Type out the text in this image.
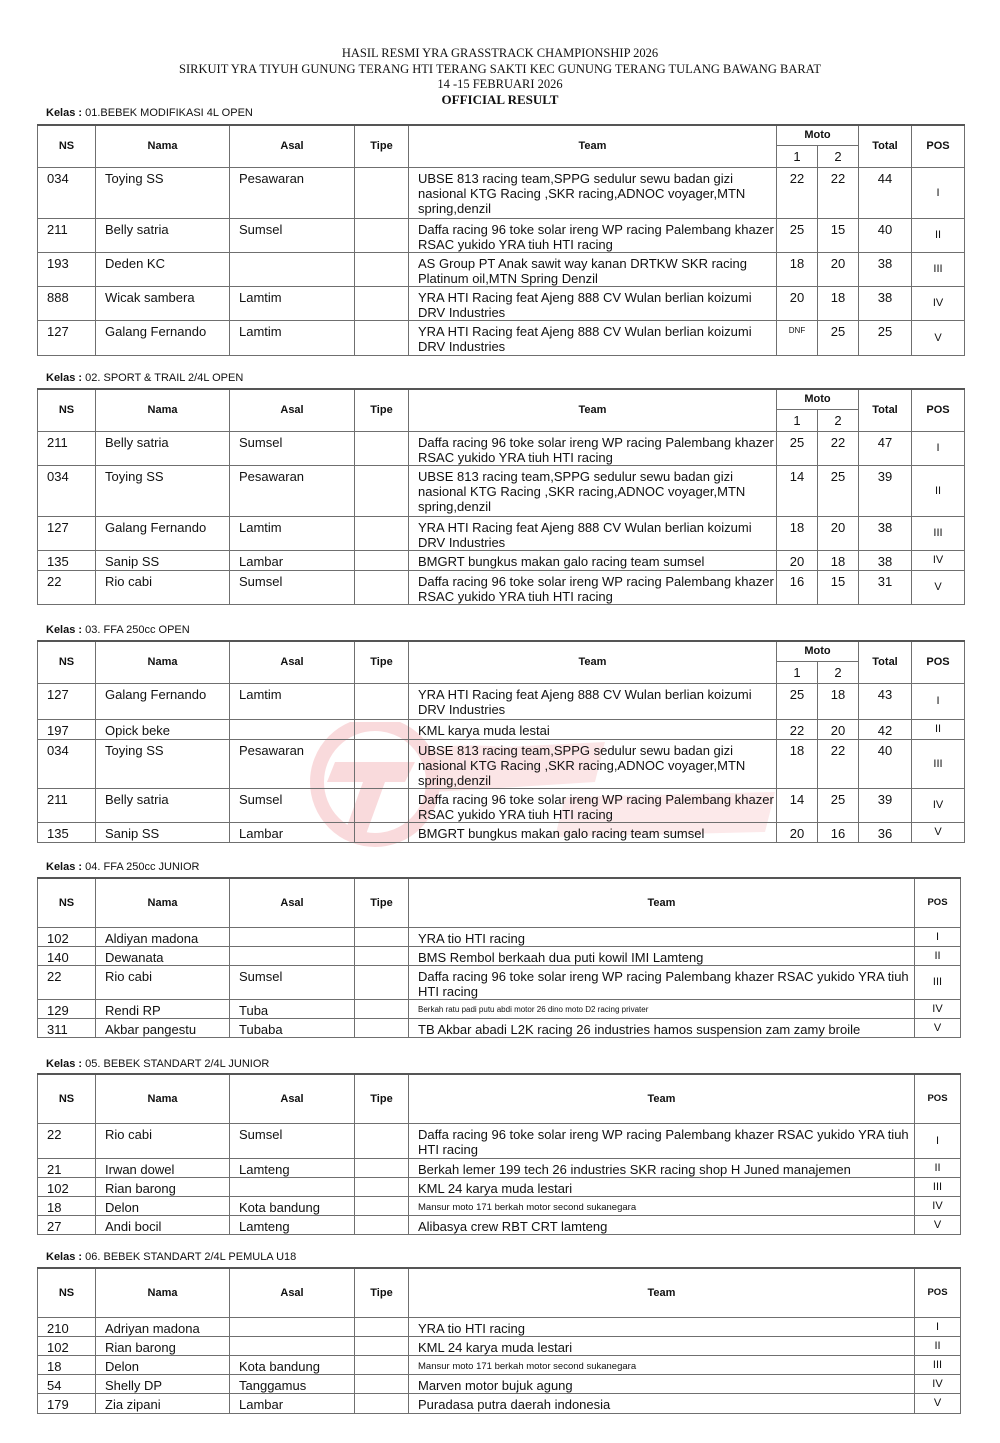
HASIL RESMI YRA GRASSTRACK CHAMPIONSHIP 2026
SIRKUIT YRA TIYUH GUNUNG TERANG HTI TERANG SAKTI KEC GUNUNG TERANG TULANG BAWANG BARAT
14 -15 FEBRUARI 2026
OFFICIAL RESULT
Kelas : 01.BEBEK MODIFIKASI 4L OPEN
NS	Nama	Asal	Tipe	Team	Moto		Total	POS
					1	2		
034	Toying SS	Pesawaran		UBSE 813 racing team,SPPG sedulur sewu badan gizi nasional KTG Racing ,SKR racing,ADNOC voyager,MTN spring,denzil	22	22	44	I
211	Belly satria	Sumsel		Daffa racing 96 toke solar ireng WP racing Palembang khazer RSAC yukido YRA tiuh HTI racing	25	15	40	II
193	Deden KC			AS Group PT Anak sawit way kanan DRTKW SKR racing Platinum oil,MTN Spring Denzil	18	20	38	III
888	Wicak sambera	Lamtim		YRA HTI Racing feat Ajeng 888 CV Wulan berlian koizumi DRV Industries	20	18	38	IV
127	Galang Fernando	Lamtim		YRA HTI Racing feat Ajeng 888 CV Wulan berlian koizumi DRV Industries	DNF	25	25	V
Kelas : 02. SPORT & TRAIL 2/4L OPEN
NS	Nama	Asal	Tipe	Team	Moto		Total	POS
					1	2		
211	Belly satria	Sumsel		Daffa racing 96 toke solar ireng WP racing Palembang khazer RSAC yukido YRA tiuh HTI racing	25	22	47	I
034	Toying SS	Pesawaran		UBSE 813 racing team,SPPG sedulur sewu badan gizi nasional KTG Racing ,SKR racing,ADNOC voyager,MTN spring,denzil	14	25	39	II
127	Galang Fernando	Lamtim		YRA HTI Racing feat Ajeng 888 CV Wulan berlian koizumi DRV Industries	18	20	38	III
135	Sanip SS	Lambar		BMGRT bungkus makan galo racing team sumsel	20	18	38	IV
22	Rio cabi	Sumsel		Daffa racing 96 toke solar ireng WP racing Palembang khazer RSAC yukido YRA tiuh HTI racing	16	15	31	V
Kelas : 03. FFA 250cc OPEN
NS	Nama	Asal	Tipe	Team	Moto		Total	POS
					1	2		
127	Galang Fernando	Lamtim		YRA HTI Racing feat Ajeng 888 CV Wulan berlian koizumi DRV Industries	25	18	43	I
197	Opick beke			KML karya muda lestai	22	20	42	II
034	Toying SS	Pesawaran		UBSE 813 racing team,SPPG sedulur sewu badan gizi nasional KTG Racing ,SKR racing,ADNOC voyager,MTN spring,denzil	18	22	40	III
211	Belly satria	Sumsel		Daffa racing 96 toke solar ireng WP racing Palembang khazer RSAC yukido YRA tiuh HTI racing	14	25	39	IV
135	Sanip SS	Lambar		BMGRT bungkus makan galo racing team sumsel	20	16	36	V
Kelas : 04. FFA 250cc JUNIOR
NS	Nama	Asal	Tipe	Team	POS
102	Aldiyan madona			YRA tio HTI racing	I
140	Dewanata			BMS Rembol berkaah dua puti kowil IMI Lamteng	II
22	Rio cabi	Sumsel		Daffa racing 96 toke solar ireng WP racing Palembang khazer RSAC yukido YRA tiuh HTI racing	III
129	Rendi RP	Tuba		Berkah ratu padi putu abdi motor 26 dino moto D2 racing privater	IV
311	Akbar pangestu	Tubaba		TB Akbar abadi L2K racing 26 industries hamos suspension zam zamy broile	V
Kelas : 05. BEBEK STANDART 2/4L JUNIOR
NS	Nama	Asal	Tipe	Team	POS
22	Rio cabi	Sumsel		Daffa racing 96 toke solar ireng WP racing Palembang khazer RSAC yukido YRA tiuh HTI racing	I
21	Irwan dowel	Lamteng		Berkah lemer 199 tech 26 industries SKR racing shop H Juned manajemen	II
102	Rian barong			KML 24 karya muda lestari	III
18	Delon	Kota bandung		Mansur moto 171 berkah motor second sukanegara	IV
27	Andi bocil	Lamteng		Alibasya crew RBT CRT lamteng	V
Kelas : 06. BEBEK STANDART 2/4L PEMULA U18
NS	Nama	Asal	Tipe	Team	POS
210	Adriyan madona			YRA tio HTI racing	I
102	Rian barong			KML 24 karya muda lestari	II
18	Delon	Kota bandung		Mansur moto 171 berkah motor second sukanegara	III
54	Shelly DP	Tanggamus		Marven motor bujuk agung	IV
179	Zia zipani	Lambar		Puradasa putra daerah indonesia	V
